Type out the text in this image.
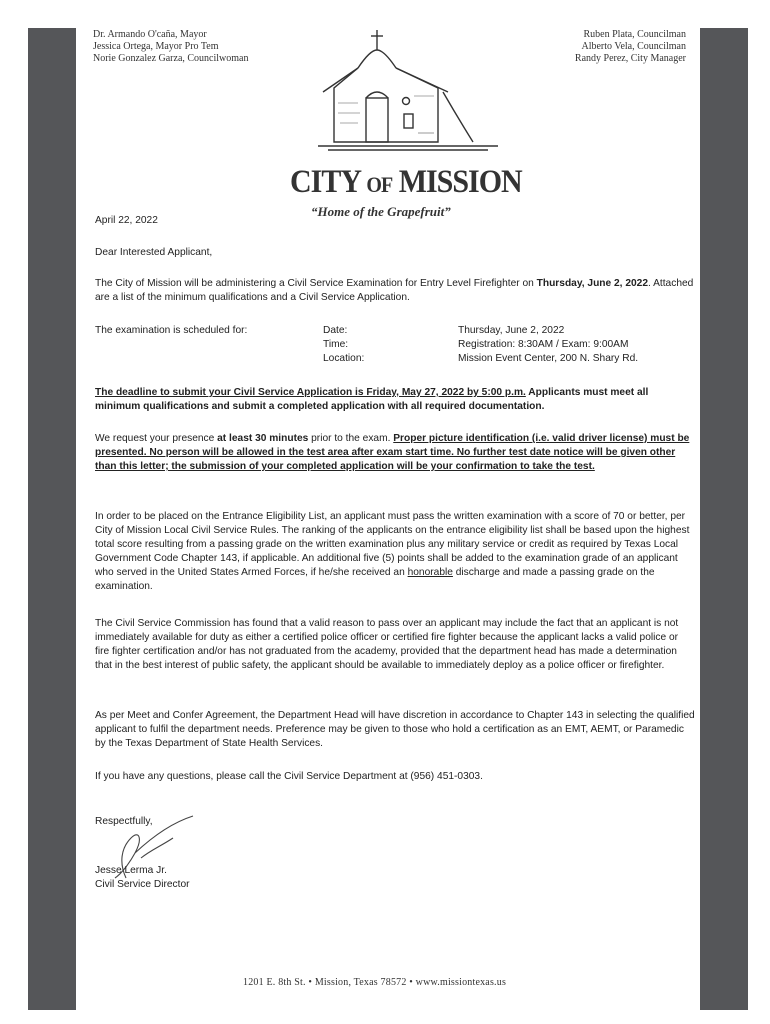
Dr. Armando O'caña, Mayor
Jessica Ortega, Mayor Pro Tem
Norie Gonzalez Garza, Councilwoman
Ruben Plata, Councilman
Alberto Vela, Councilman
Randy Perez, City Manager
CITY OF MISSION
“Home of the Grapefruit”
April 22, 2022
Dear Interested Applicant,
The City of Mission will be administering a Civil Service Examination for Entry Level Firefighter on Thursday, June 2, 2022. Attached are a list of the minimum qualifications and a Civil Service Application.
The examination is scheduled for:	Date:
Time:
Location:
Thursday, June 2, 2022
Registration: 8:30AM / Exam: 9:00AM
Mission Event Center, 200 N. Shary Rd.
The deadline to submit your Civil Service Application is Friday, May 27, 2022 by 5:00 p.m. Applicants must meet all minimum qualifications and submit a completed application with all required documentation.
We request your presence at least 30 minutes prior to the exam. Proper picture identification (i.e. valid driver license) must be presented. No person will be allowed in the test area after exam start time. No further test date notice will be given other than this letter; the submission of your completed application will be your confirmation to take the test.
In order to be placed on the Entrance Eligibility List, an applicant must pass the written examination with a score of 70 or better, per City of Mission Local Civil Service Rules. The ranking of the applicants on the entrance eligibility list shall be based upon the highest total score resulting from a passing grade on the written examination plus any military service or credit as required by Texas Local Government Code Chapter 143, if applicable. An additional five (5) points shall be added to the examination grade of an applicant who served in the United States Armed Forces, if he/she received an honorable discharge and made a passing grade on the examination.
The Civil Service Commission has found that a valid reason to pass over an applicant may include the fact that an applicant is not immediately available for duty as either a certified police officer or certified fire fighter because the applicant lacks a valid police or fire fighter certification and/or has not graduated from the academy, provided that the department head has made a determination that in the best interest of public safety, the applicant should be available to immediately deploy as a police officer or firefighter.
As per Meet and Confer Agreement, the Department Head will have discretion in accordance to Chapter 143 in selecting the qualified applicant to fulfil the department needs. Preference may be given to those who hold a certification as an EMT, AEMT, or Paramedic by the Texas Department of State Health Services.
If you have any questions, please call the Civil Service Department at (956) 451-0303.
Respectfully,
Jesse Lerma Jr.
Civil Service Director
1201 E. 8th St. • Mission, Texas 78572 • www.missiontexas.us
